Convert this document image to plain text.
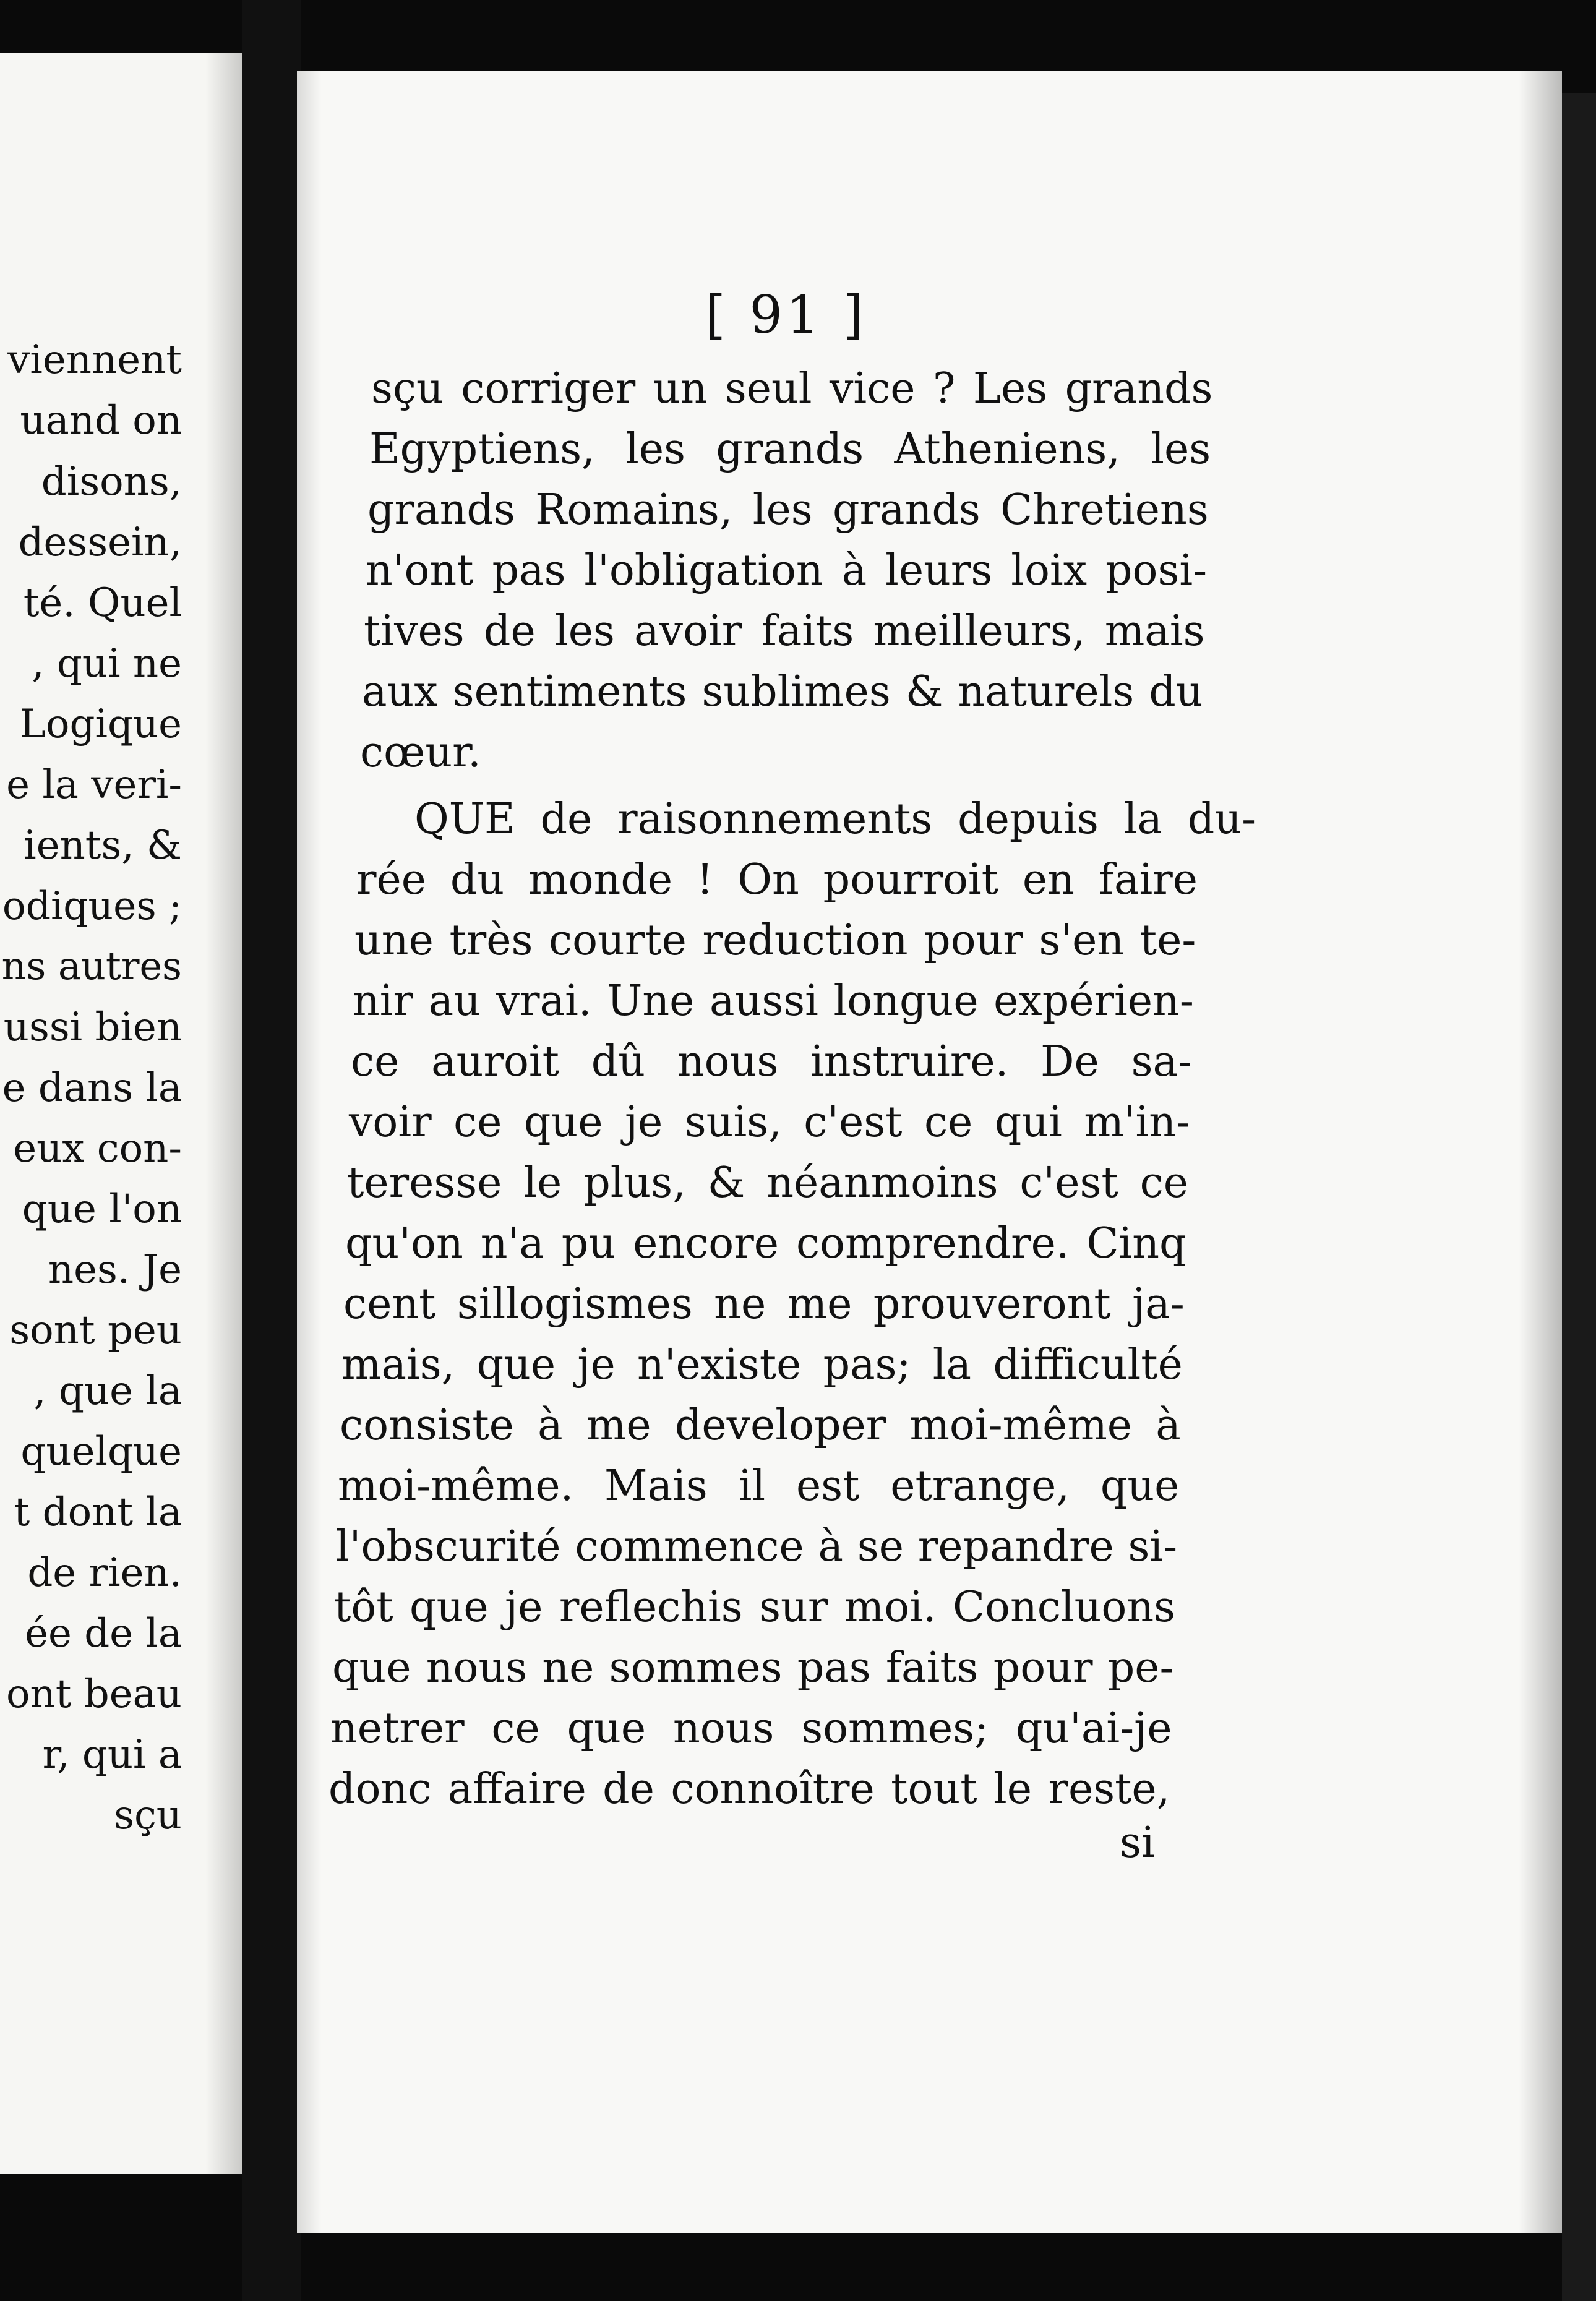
viennent
uand on
disons,
dessein,
té. Quel
, qui ne
Logique
e la veri-
ients, &
odiques ;
ns autres
ussi bien
e dans la
eux con-
que l'on
nes. Je
sont peu
, que la
quelque
t dont la
de rien.
ée de la
ont beau
r, qui a
sçu
[ 91 ]
sçu corriger un seul vice ? Les grands
Egyptiens, les grands Atheniens, les
grands Romains, les grands Chretiens
n'ont pas l'obligation à leurs loix posi-
tives de les avoir faits meilleurs, mais
aux sentiments sublimes & naturels du
cœur.
QUE de raisonnements depuis la du-
rée du monde ! On pourroit en faire
une très courte reduction pour s'en te-
nir au vrai. Une aussi longue expérien-
ce auroit dû nous instruire. De sa-
voir ce que je suis, c'est ce qui m'in-
teresse le plus, & néanmoins c'est ce
qu'on n'a pu encore comprendre. Cinq
cent sillogismes ne me prouveront ja-
mais, que je n'existe pas; la difficulté
consiste à me developer moi-même à
moi-même. Mais il est etrange, que
l'obscurité commence à se repandre si-
tôt que je reflechis sur moi. Concluons
que nous ne sommes pas faits pour pe-
netrer ce que nous sommes; qu'ai-je
donc affaire de connoître tout le reste,
si
